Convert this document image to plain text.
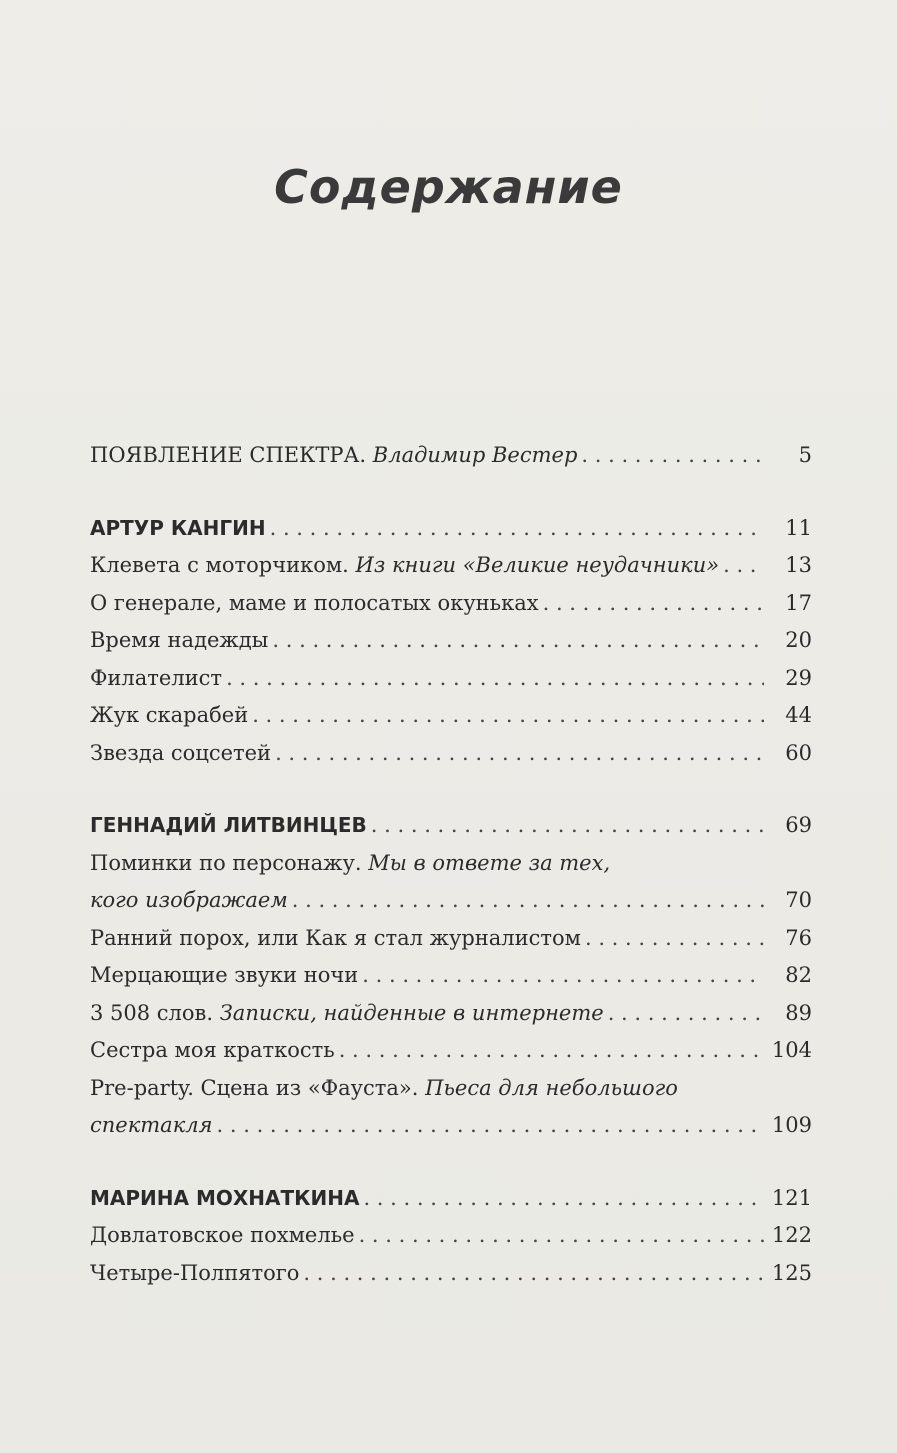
Содержание
ПОЯВЛЕНИЕ СПЕКТРА. Владимир Вестер . . .	5
АРТУР КАНГИН . . .	11
Клевета с моторчиком. Из книги «Великие неудачники» . . .	13
О генерале, маме и полосатых окуньках . . .	17
Время надежды . . .	20
Филателист . . .	29
Жук скарабей . . .	44
Звезда соцсетей . . .	60
ГЕННАДИЙ ЛИТВИНЦЕВ . . .	69
Поминки по персонажу. Мы в ответе за тех,
кого изображаем . . .	70
Ранний порох, или Как я стал журналистом . . .	76
Мерцающие звуки ночи . . .	82
3 508 слов. Записки, найденные в интернете . . .	89
Сестра моя краткость . . .	104
Pre-party. Сцена из «Фауста». Пьеса для небольшого
спектакля . . .	109
МАРИНА МОХНАТКИНА . . .	121
Довлатовское похмелье . . .	122
Четыре-Полпятого . . .	125
